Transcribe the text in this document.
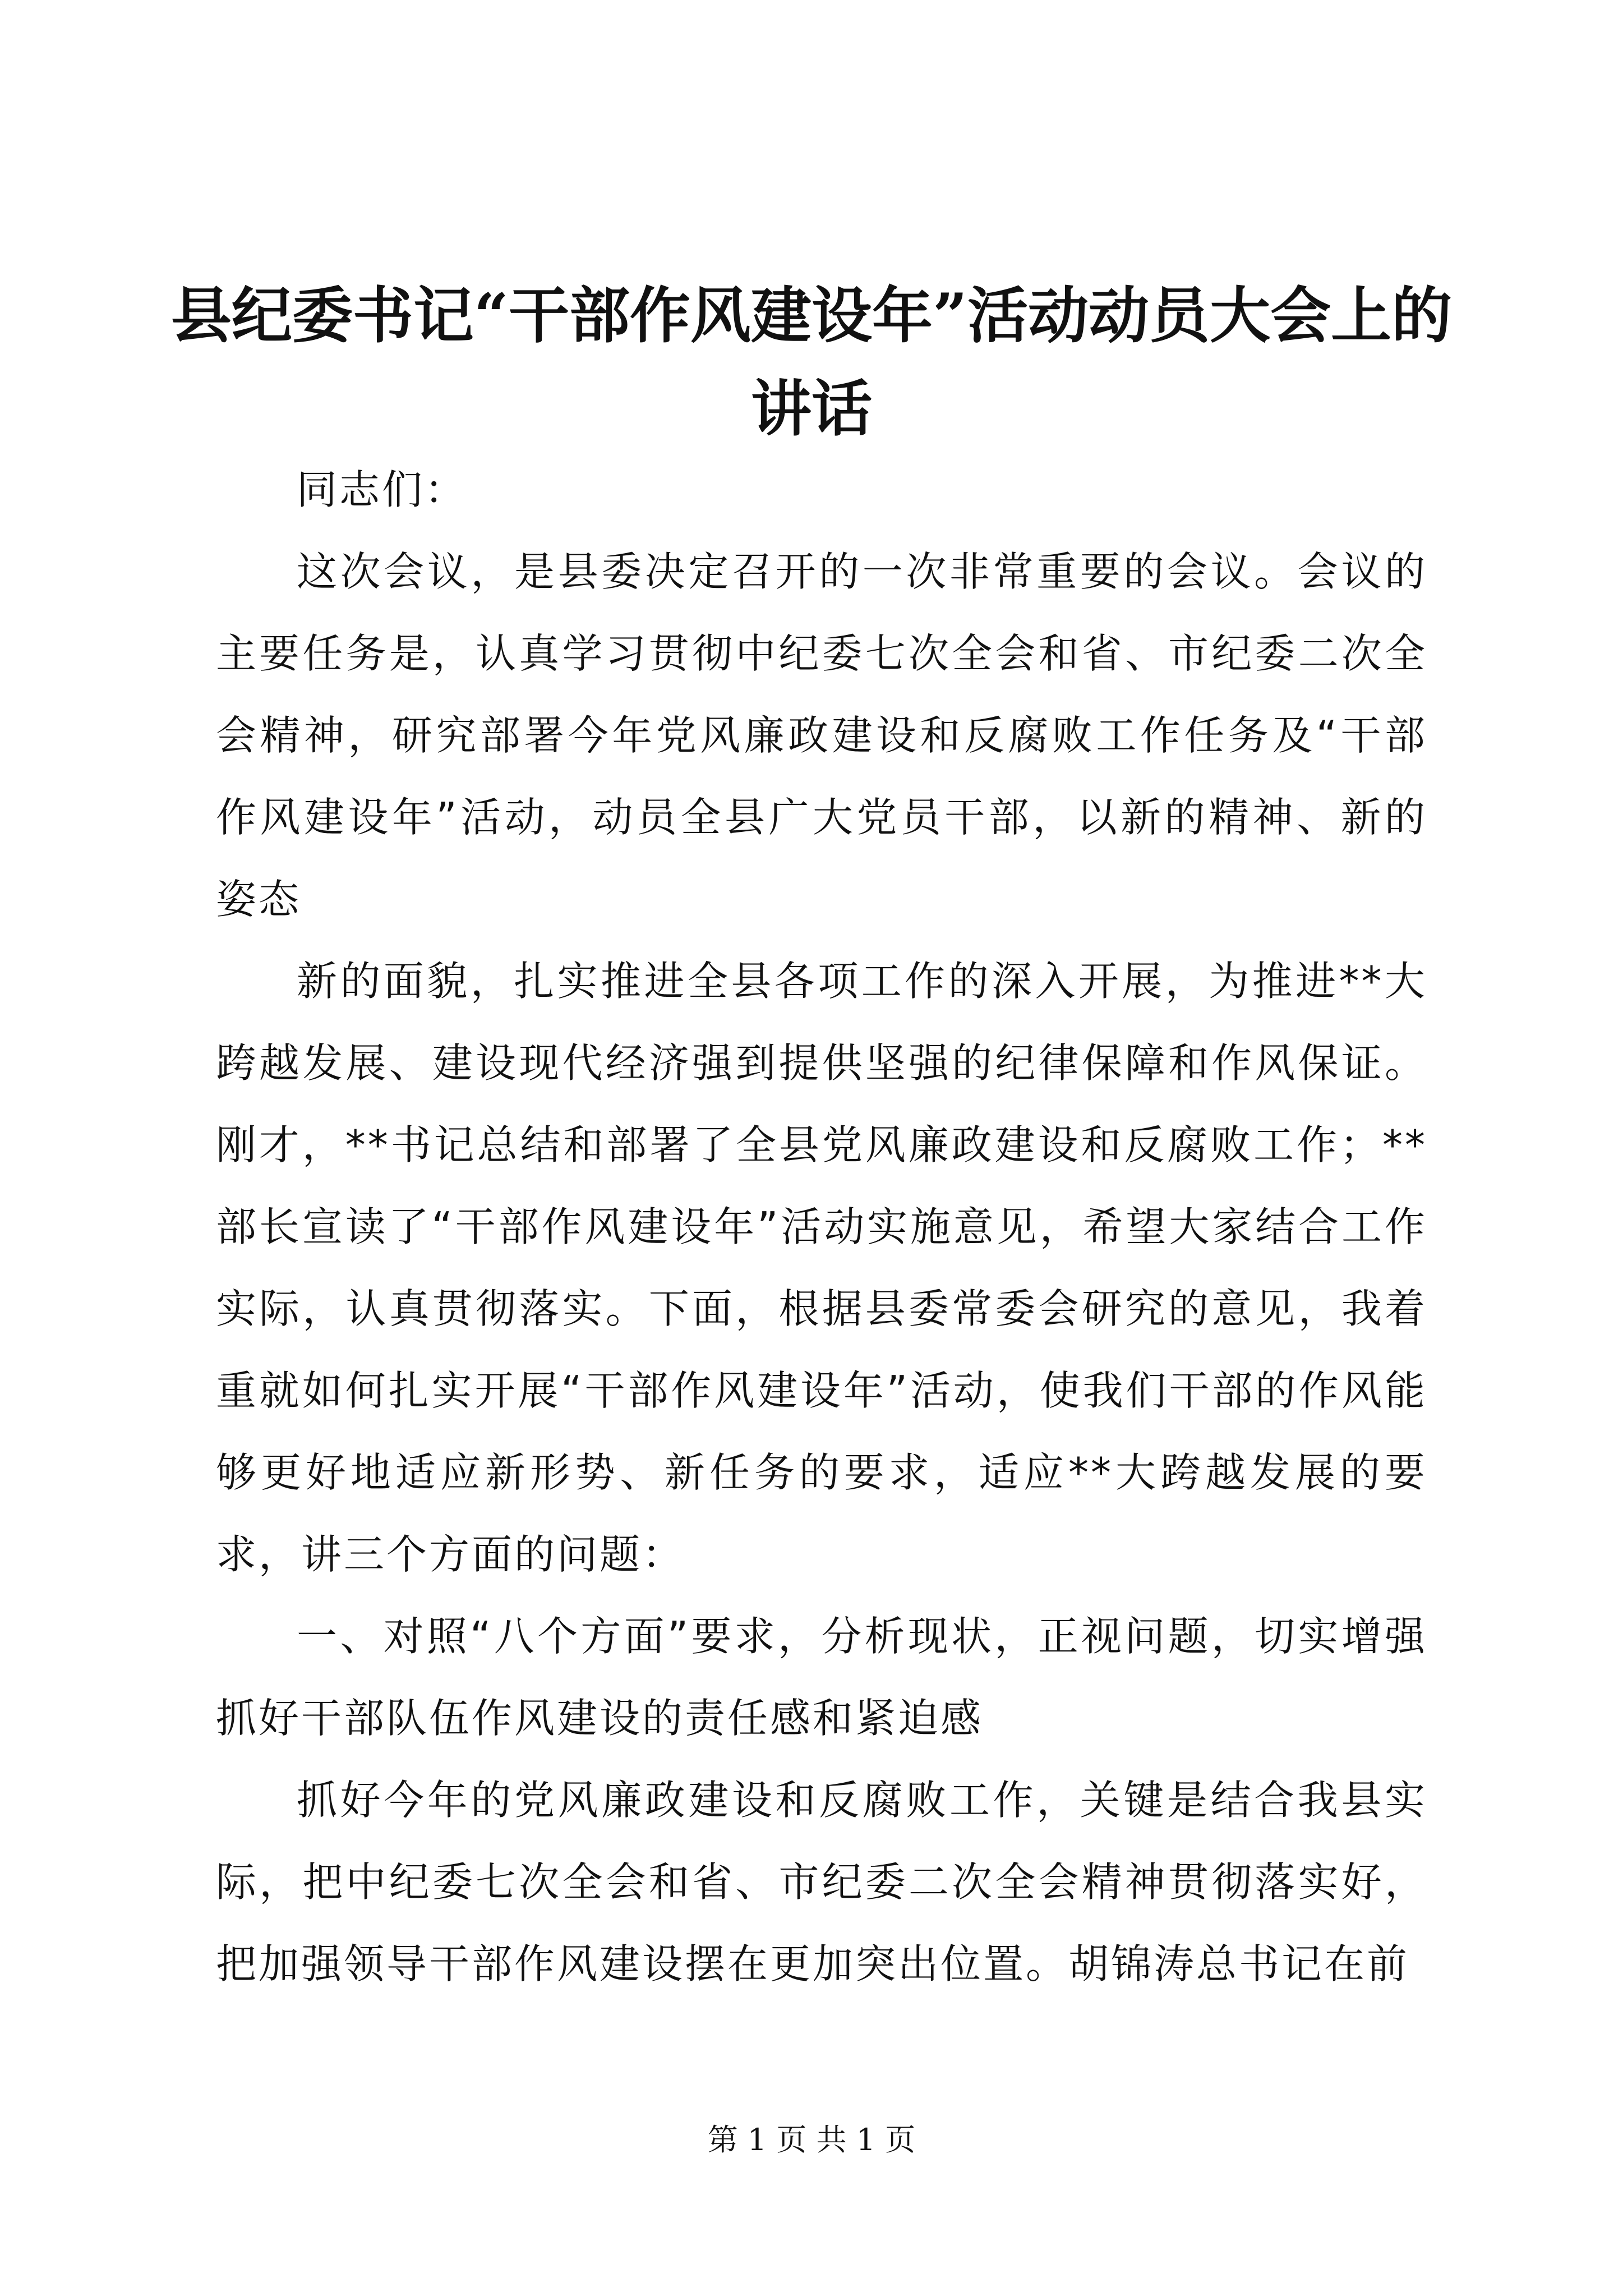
县纪委书记“干部作风建设年”活动动员大会上的讲话

同志们：

这次会议，是县委决定召开的一次非常重要的会议。会议的主要任务是，认真学习贯彻中纪委七次全会和省、市纪委二次全会精神，研究部署今年党风廉政建设和反腐败工作任务及“干部作风建设年”活动，动员全县广大党员干部，以新的精神、新的姿态

新的面貌，扎实推进全县各项工作的深入开展，为推进**大跨越发展、建设现代经济强到提供坚强的纪律保障和作风保证。刚才，**书记总结和部署了全县党风廉政建设和反腐败工作；**部长宣读了“干部作风建设年”活动实施意见，希望大家结合工作实际，认真贯彻落实。下面，根据县委常委会研究的意见，我着重就如何扎实开展“干部作风建设年”活动，使我们干部的作风能够更好地适应新形势、新任务的要求，适应**大跨越发展的要求，讲三个方面的问题：

一、对照“八个方面”要求，分析现状，正视问题，切实增强抓好干部队伍作风建设的责任感和紧迫感

抓好今年的党风廉政建设和反腐败工作，关键是结合我县实际，把中纪委七次全会和省、市纪委二次全会精神贯彻落实好，把加强领导干部作风建设摆在更加突出位置。胡锦涛总书记在前

第 1 页 共 1 页
